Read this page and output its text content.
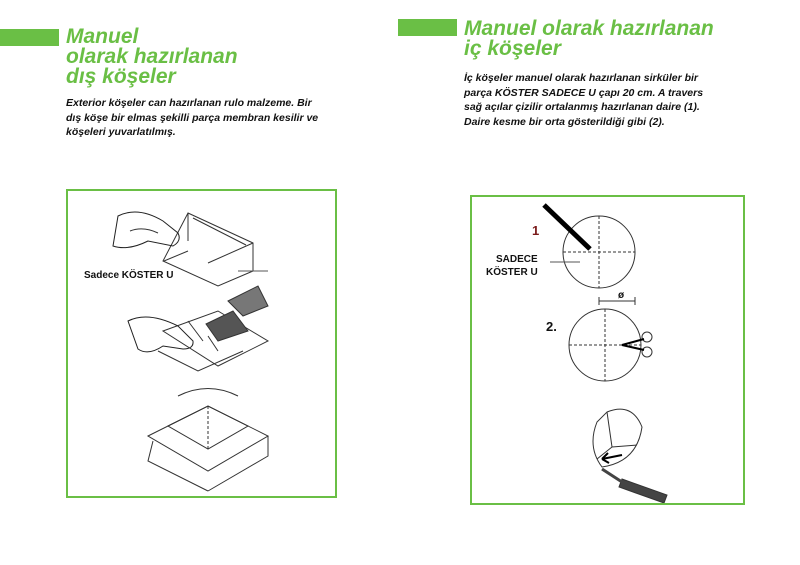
Manuel
olarak hazırlanan
dış köşeler

Exterior köşeler can hazırlanan rulo malzeme. Bir
dış köşe bir elmas şekilli parça membran kesilir ve
köşeleri yuvarlatılmış.

Sadece KÖSTER U
Manuel olarak hazırlanan
iç köşeler

İç köşeler manuel olarak hazırlanan sirküler bir
parça KÖSTER SADECE U çapı 20 cm. A travers
sağ açılar çizilir ortalanmış hazırlanan daire (1).
Daire kesme bir orta gösterildiği gibi (2).

1
SADECE
KÖSTER U
ø
2.
